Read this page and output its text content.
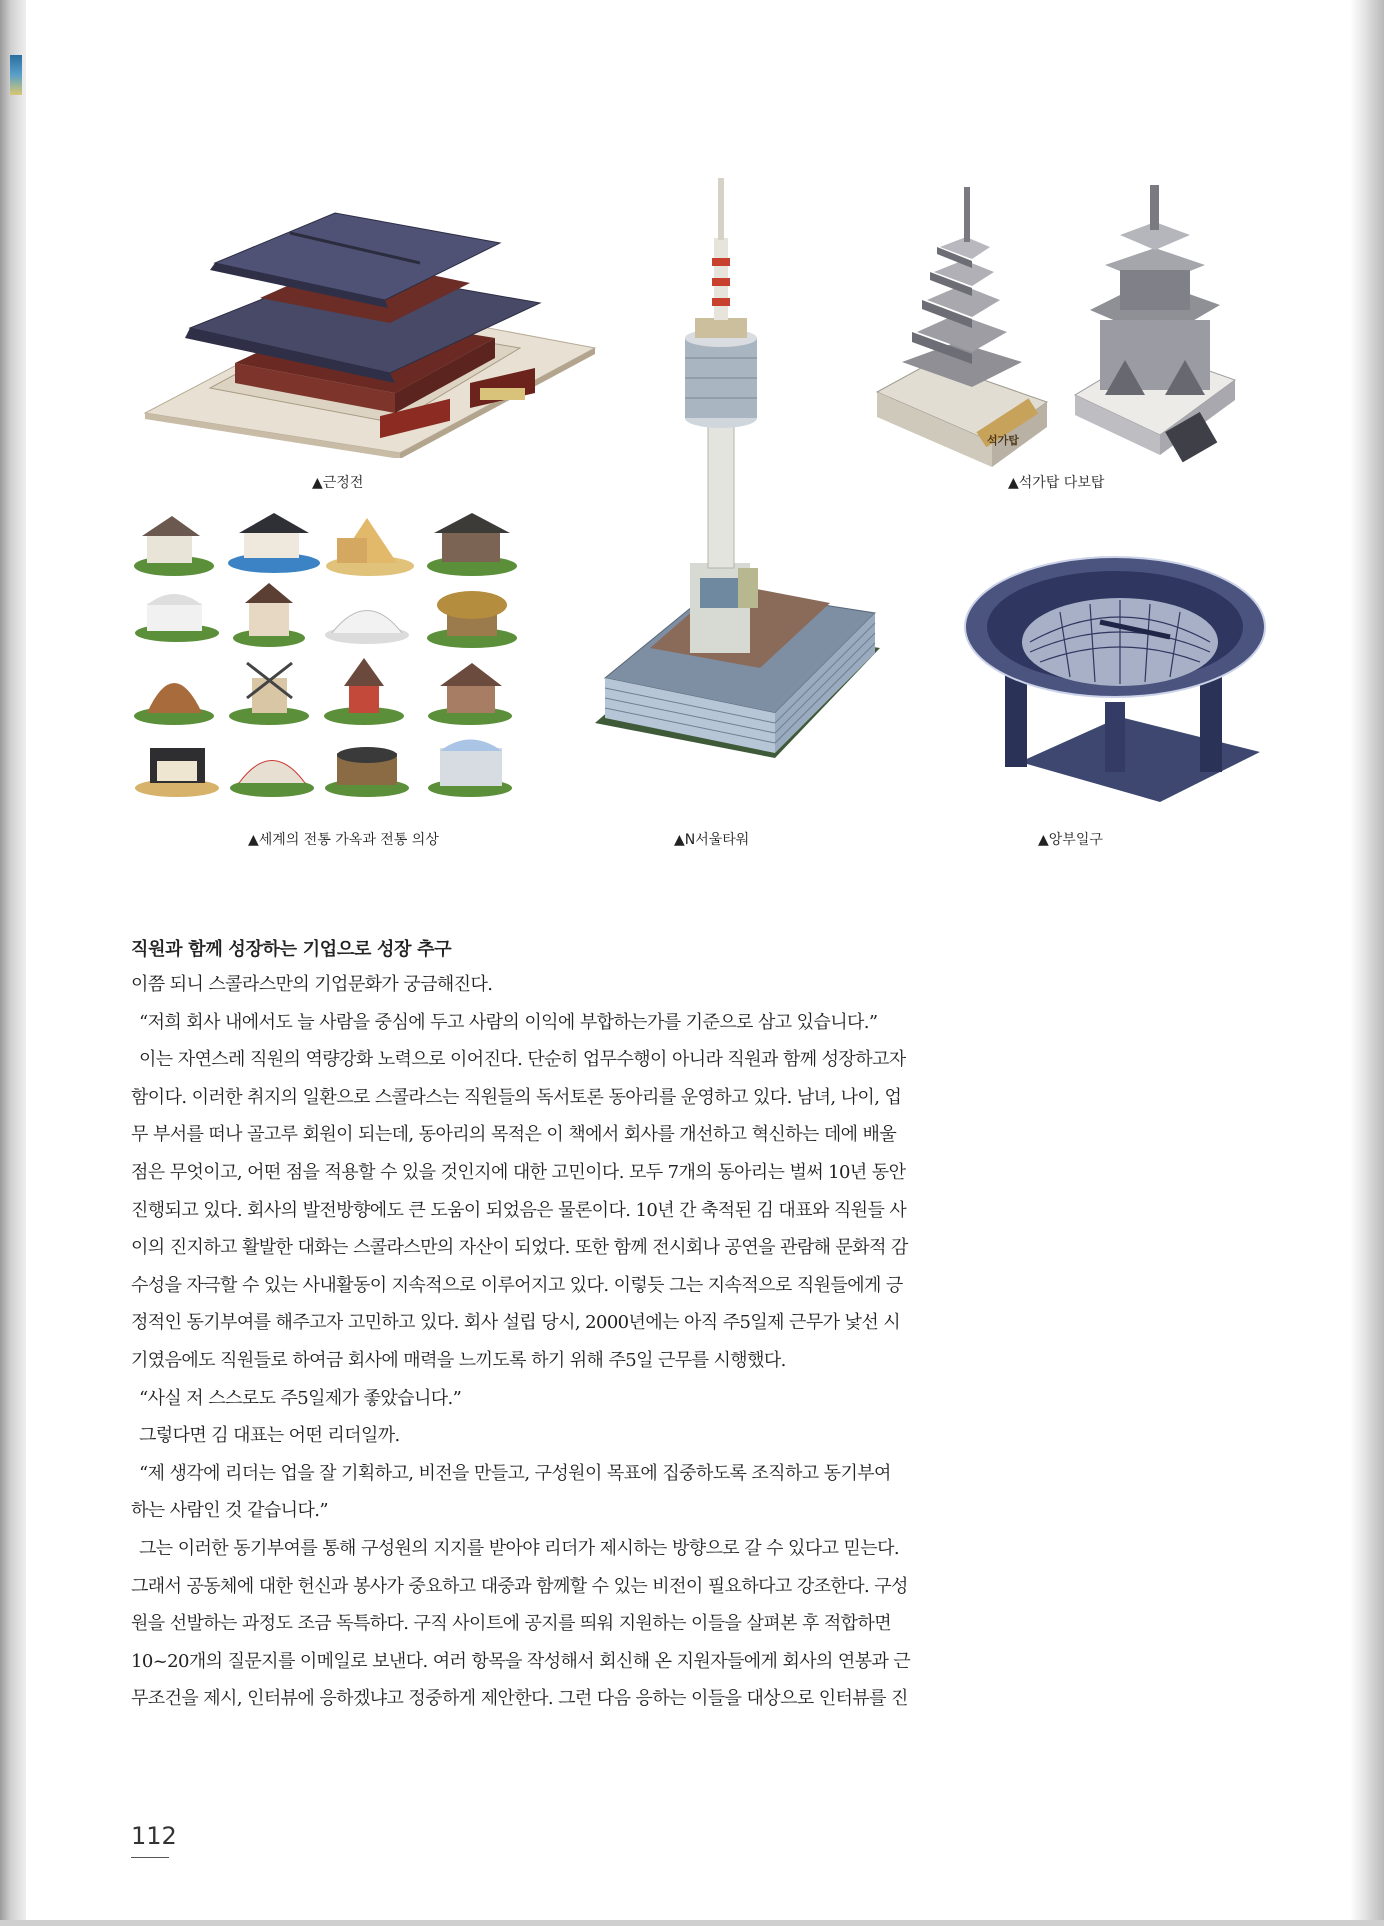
▲근정전
석가탑
▲석가탑 다보탑
▲N서울타워
▲세계의 전통 가옥과 전통 의상	▲앙부일구
직원과 함께 성장하는 기업으로 성장 추구
이쯤 되니 스콜라스만의 기업문화가 궁금해진다.
“저희 회사 내에서도 늘 사람을 중심에 두고 사람의 이익에 부합하는가를 기준으로 삼고 있습니다.”
이는 자연스레 직원의 역량강화 노력으로 이어진다. 단순히 업무수행이 아니라 직원과 함께 성장하고자
함이다. 이러한 취지의 일환으로 스콜라스는 직원들의 독서토론 동아리를 운영하고 있다. 남녀, 나이, 업
무 부서를 떠나 골고루 회원이 되는데, 동아리의 목적은 이 책에서 회사를 개선하고 혁신하는 데에 배울
점은 무엇이고, 어떤 점을 적용할 수 있을 것인지에 대한 고민이다. 모두 7개의 동아리는 벌써 10년 동안
진행되고 있다. 회사의 발전방향에도 큰 도움이 되었음은 물론이다. 10년 간 축적된 김 대표와 직원들 사
이의 진지하고 활발한 대화는 스콜라스만의 자산이 되었다. 또한 함께 전시회나 공연을 관람해 문화적 감
수성을 자극할 수 있는 사내활동이 지속적으로 이루어지고 있다. 이렇듯 그는 지속적으로 직원들에게 긍
정적인 동기부여를 해주고자 고민하고 있다. 회사 설립 당시, 2000년에는 아직 주5일제 근무가 낯선 시
기였음에도 직원들로 하여금 회사에 매력을 느끼도록 하기 위해 주5일 근무를 시행했다.
“사실 저 스스로도 주5일제가 좋았습니다.”
그렇다면 김 대표는 어떤 리더일까.
“제 생각에 리더는 업을 잘 기획하고, 비전을 만들고, 구성원이 목표에 집중하도록 조직하고 동기부여
하는 사람인 것 같습니다.”
그는 이러한 동기부여를 통해 구성원의 지지를 받아야 리더가 제시하는 방향으로 갈 수 있다고 믿는다.
그래서 공동체에 대한 헌신과 봉사가 중요하고 대중과 함께할 수 있는 비전이 필요하다고 강조한다. 구성
원을 선발하는 과정도 조금 독특하다. 구직 사이트에 공지를 띄워 지원하는 이들을 살펴본 후 적합하면
10~20개의 질문지를 이메일로 보낸다. 여러 항목을 작성해서 회신해 온 지원자들에게 회사의 연봉과 근
무조건을 제시, 인터뷰에 응하겠냐고 정중하게 제안한다. 그런 다음 응하는 이들을 대상으로 인터뷰를 진
112
